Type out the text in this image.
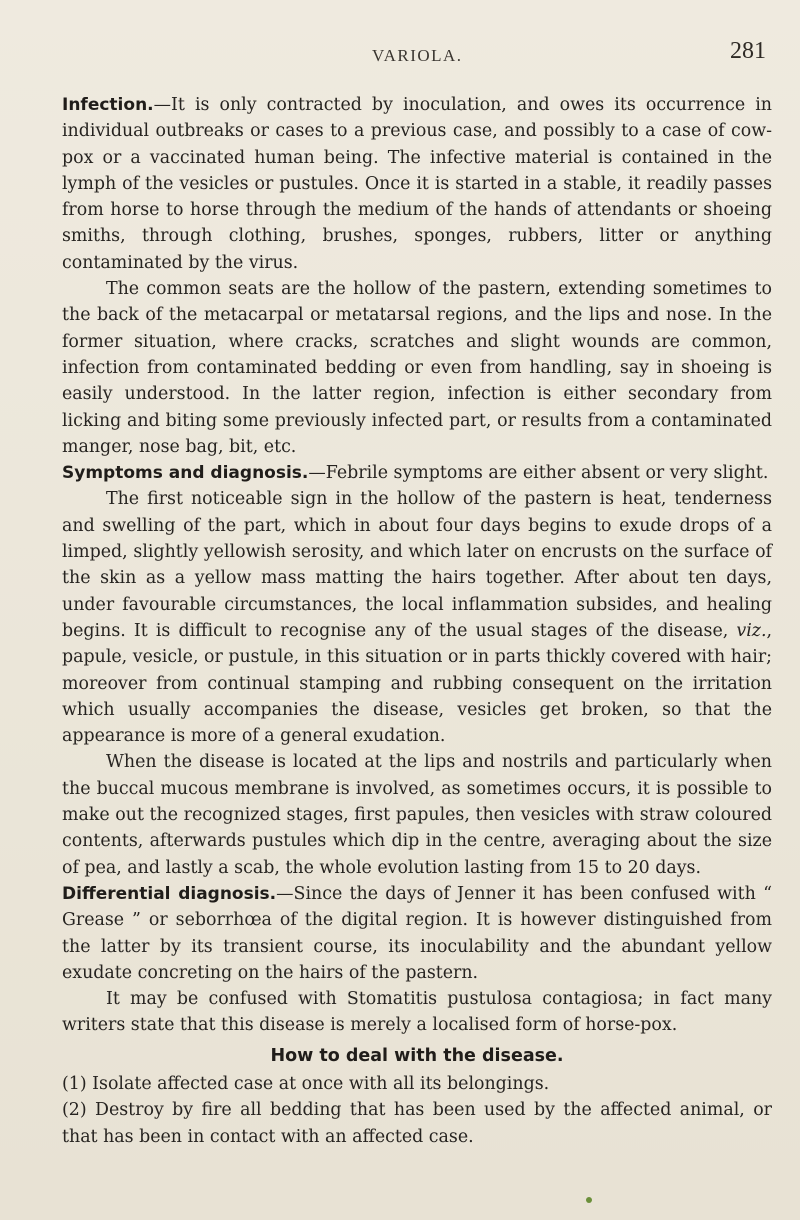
VARIOLA.	281

Infection.—It is only contracted by inoculation, and owes its occurrence in individual outbreaks or cases to a previous case, and possibly to a case of cow-pox or a vaccinated human being. The infective material is contained in the lymph of the vesicles or pustules. Once it is started in a stable, it readily passes from horse to horse through the medium of the hands of attendants or shoeing smiths, through clothing, brushes, sponges, rubbers, litter or anything contaminated by the virus.

The common seats are the hollow of the pastern, extending sometimes to the back of the metacarpal or metatarsal regions, and the lips and nose. In the former situation, where cracks, scratches and slight wounds are common, infection from contaminated bedding or even from handling, say in shoeing is easily understood. In the latter region, infection is either secondary from licking and biting some previously infected part, or results from a contaminated manger, nose bag, bit, etc.

Symptoms and diagnosis.—Febrile symptoms are either absent or very slight.

The first noticeable sign in the hollow of the pastern is heat, tenderness and swelling of the part, which in about four days begins to exude drops of a limped, slightly yellowish serosity, and which later on encrusts on the surface of the skin as a yellow mass matting the hairs together. After about ten days, under favourable circumstances, the local inflammation subsides, and healing begins. It is difficult to recognise any of the usual stages of the disease, viz., papule, vesicle, or pustule, in this situation or in parts thickly covered with hair; moreover from continual stamping and rubbing consequent on the irritation which usually accompanies the disease, vesicles get broken, so that the appearance is more of a general exudation.

When the disease is located at the lips and nostrils and particularly when the buccal mucous membrane is involved, as sometimes occurs, it is possible to make out the recognized stages, first papules, then vesicles with straw coloured contents, afterwards pustules which dip in the centre, averaging about the size of pea, and lastly a scab, the whole evolution lasting from 15 to 20 days.

Differential diagnosis.—Since the days of Jenner it has been confused with “ Grease ” or seborrhœa of the digital region. It is however distinguished from the latter by its transient course, its inoculability and the abundant yellow exudate concreting on the hairs of the pastern.

It may be confused with Stomatitis pustulosa contagiosa; in fact many writers state that this disease is merely a localised form of horse-pox.

How to deal with the disease.

(1) Isolate affected case at once with all its belongings.

(2) Destroy by fire all bedding that has been used by the affected animal, or that has been in contact with an affected case.
